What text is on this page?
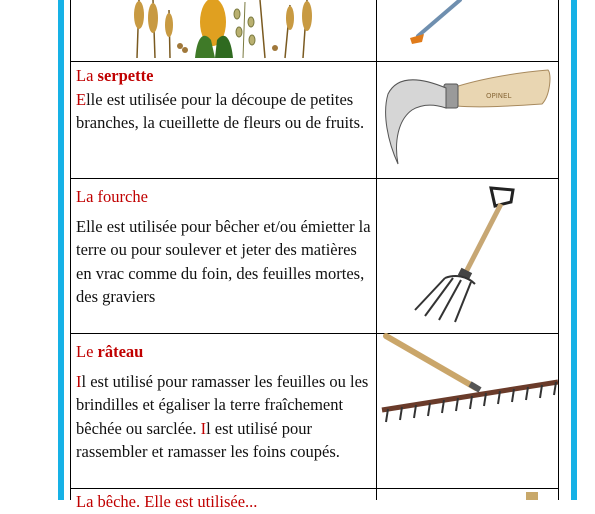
La serpette
Elle est utilisée pour la découpe de petites branches, la cueillette de fleurs ou de fruits.
OPINEL
La fourche
Elle est utilisée pour bêcher et/ou émietter la terre ou pour soulever et jeter des matières en vrac comme du foin, des feuilles mortes, des graviers
Le râteau
Il est utilisé pour ramasser les feuilles ou les brindilles et égaliser la terre fraîchement bêchée ou sarclée. Il est utilisé pour rassembler et ramasser les foins coupés.
La bêche. Elle est utilisée...
